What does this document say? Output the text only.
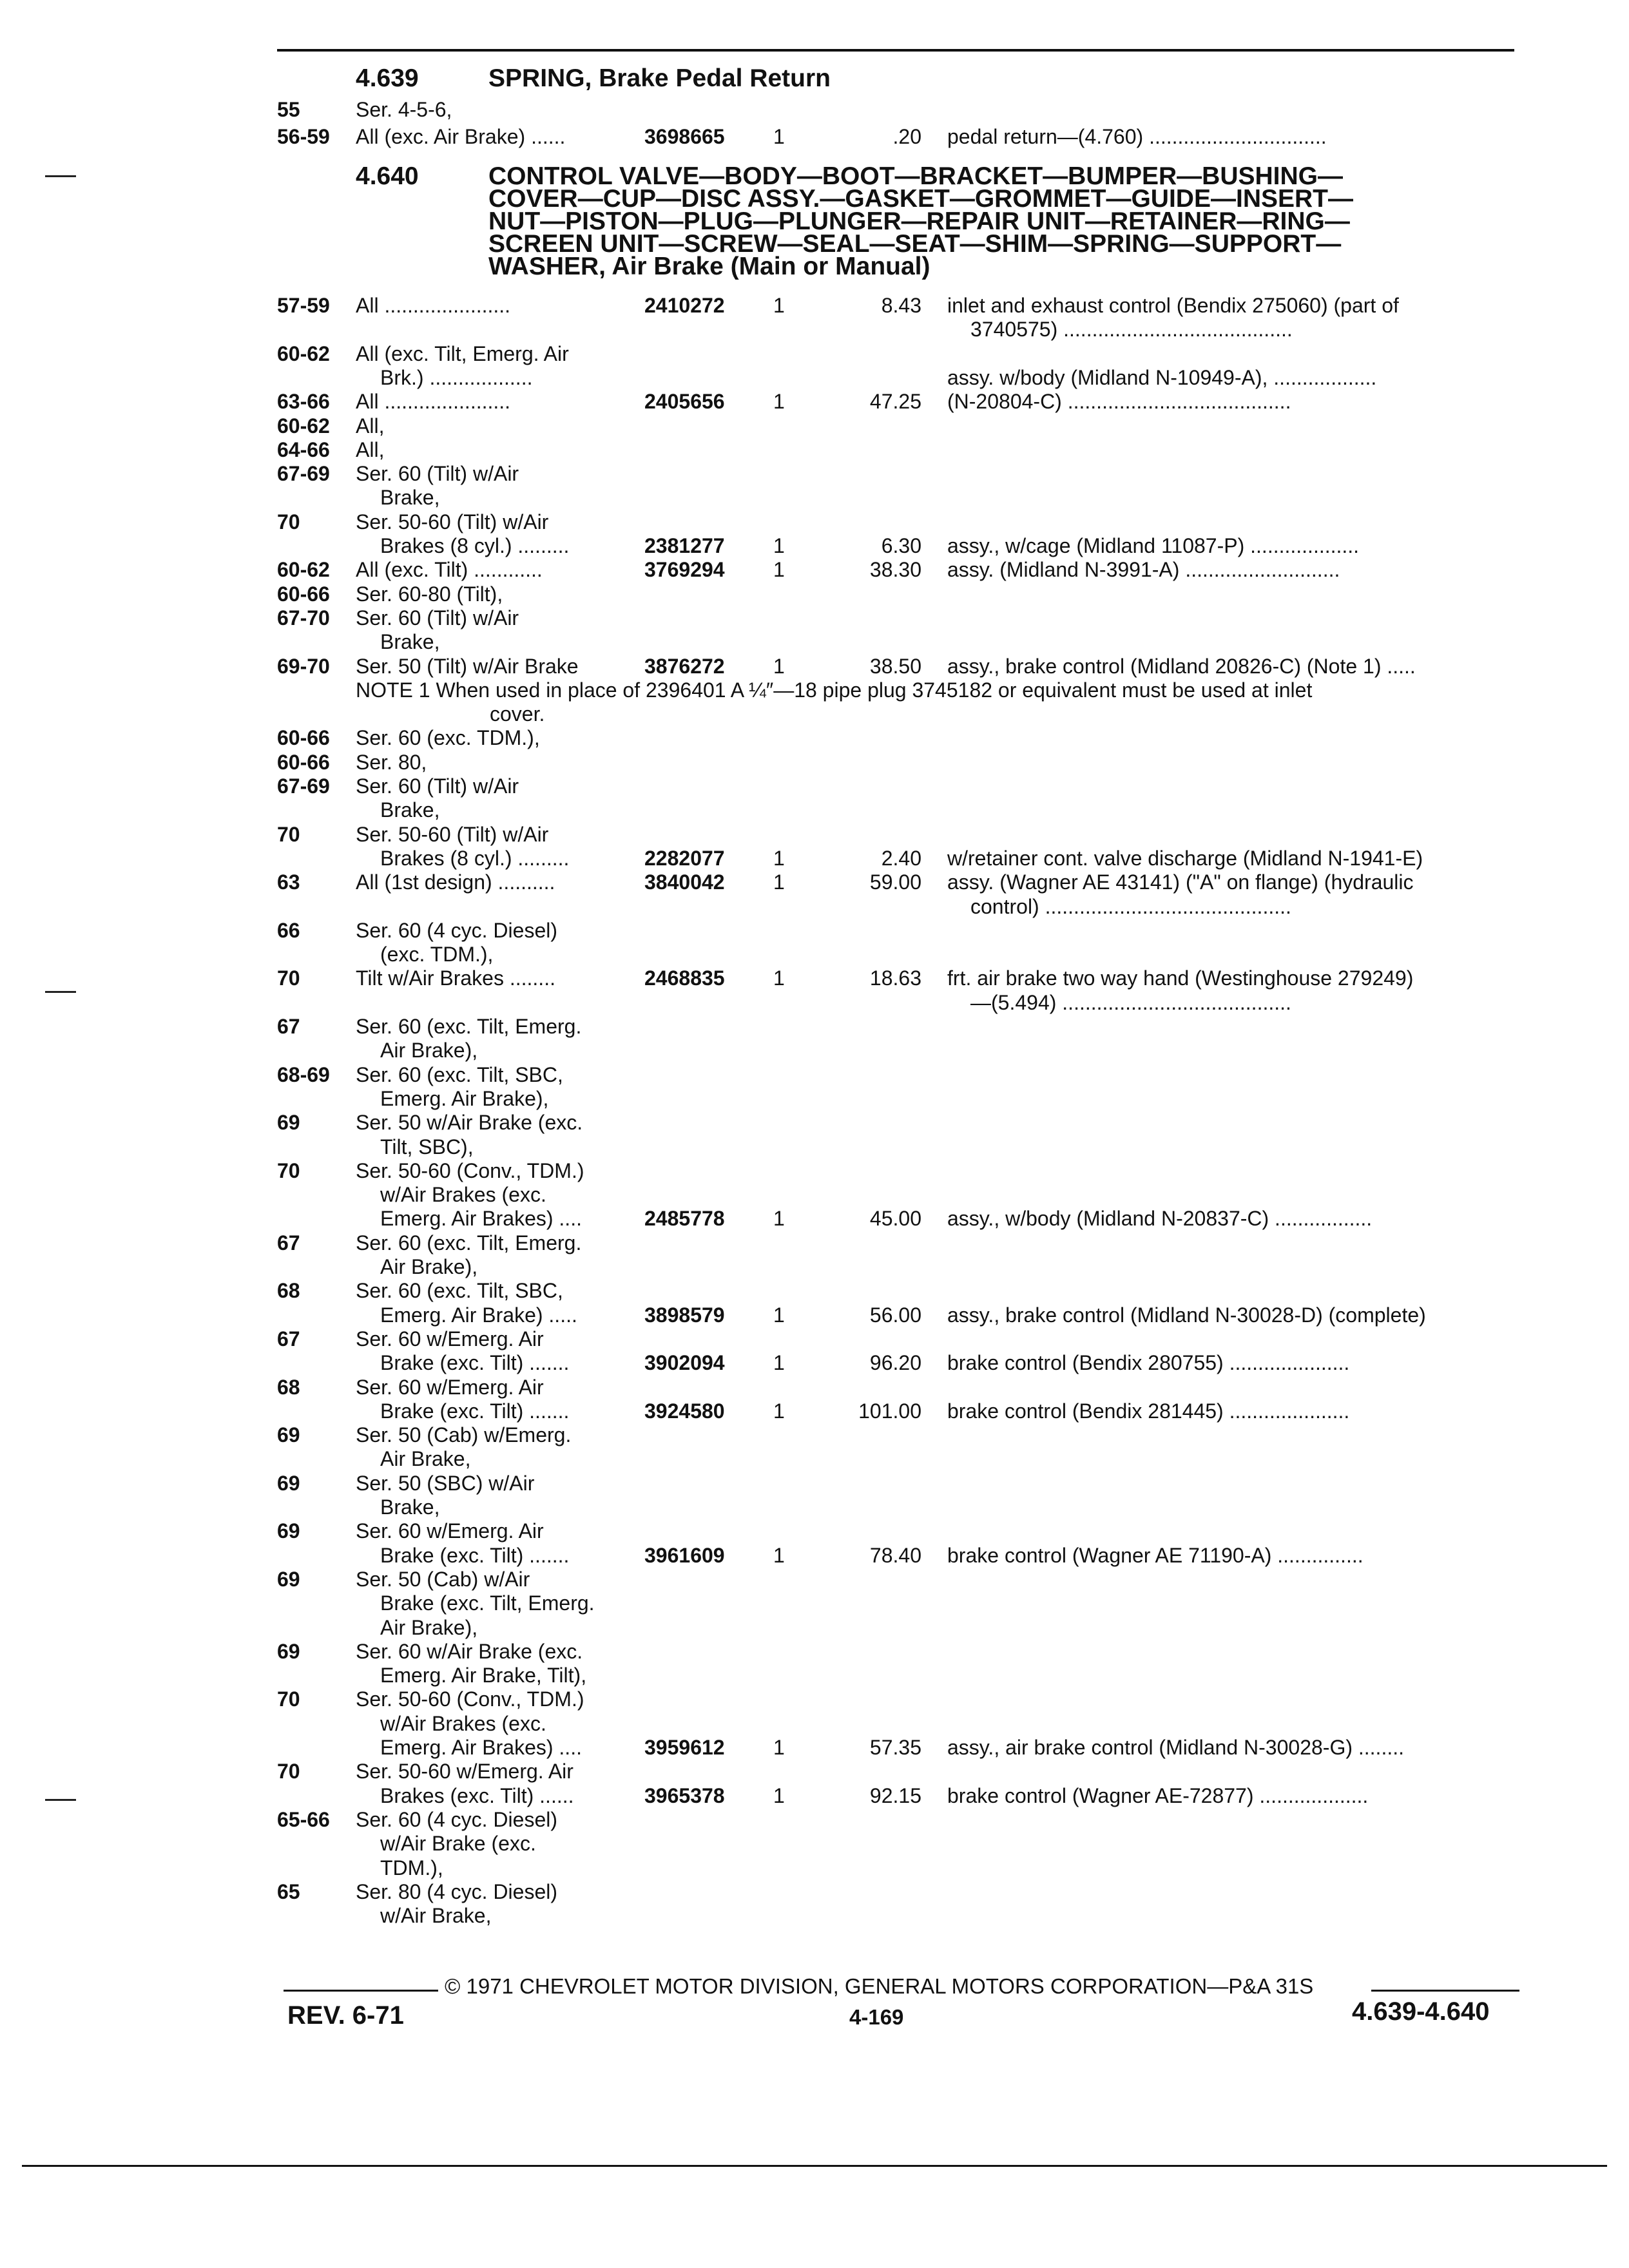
4.639	SPRING, Brake Pedal Return
55	Ser. 4-5-6,
56-59 All (exc. Air Brake) ......	3698665 1	.20 pedal return—(4.760) ...............................
4.640	CONTROL VALVE—BODY—BOOT—BRACKET—BUMPER—BUSHING—
COVER—CUP—DISC ASSY.—GASKET—GROMMET—GUIDE—INSERT—
NUT—PISTON—PLUG—PLUNGER—REPAIR UNIT—RETAINER—RING—
SCREEN UNIT—SCREW—SEAL—SEAT—SHIM—SPRING—SUPPORT—
WASHER, Air Brake (Main or Manual)
57-59 All ......................	2410272 1	8.43 inlet and exhaust control (Bendix 275060) (part of
3740575) ........................................
60-62 All (exc. Tilt, Emerg. Air
Brk.) ..................	assy. w/body (Midland N-10949-A), ..................
63-66 All ......................	2405656 1	47.25 (N-20804-C) .......................................
60-62 All,
64-66 All,
67-69 Ser. 60 (Tilt) w/Air
Brake,
70	Ser. 50-60 (Tilt) w/Air
Brakes (8 cyl.) .........	2381277 1	6.30 assy., w/cage (Midland 11087-P) ...................
60-62 All (exc. Tilt) ............	3769294 1	38.30 assy. (Midland N-3991-A) ...........................
60-66 Ser. 60-80 (Tilt),
67-70 Ser. 60 (Tilt) w/Air
Brake,
69-70 Ser. 50 (Tilt) w/Air Brake	3876272 1	38.50 assy., brake control (Midland 20826-C) (Note 1) .....
NOTE 1 When used in place of 2396401 A ¼″—18 pipe plug 3745182 or equivalent must be used at inlet
cover.
60-66 Ser. 60 (exc. TDM.),
60-66 Ser. 80,
67-69 Ser. 60 (Tilt) w/Air
Brake,
70	Ser. 50-60 (Tilt) w/Air
Brakes (8 cyl.) .........	2282077 1	2.40 w/retainer cont. valve discharge (Midland N-1941-E)
63	All (1st design) ..........	3840042 1	59.00 assy. (Wagner AE 43141) ("A" on flange) (hydraulic
control) ...........................................
66	Ser. 60 (4 cyc. Diesel)
(exc. TDM.),
70	Tilt w/Air Brakes ........	2468835 1	18.63 frt. air brake two way hand (Westinghouse 279249)
—(5.494) ........................................
67	Ser. 60 (exc. Tilt, Emerg.
Air Brake),
68-69 Ser. 60 (exc. Tilt, SBC,
Emerg. Air Brake),
69	Ser. 50 w/Air Brake (exc.
Tilt, SBC),
70	Ser. 50-60 (Conv., TDM.)
w/Air Brakes (exc.
Emerg. Air Brakes) ....	2485778 1	45.00 assy., w/body (Midland N-20837-C) .................
67	Ser. 60 (exc. Tilt, Emerg.
Air Brake),
68	Ser. 60 (exc. Tilt, SBC,
Emerg. Air Brake) .....	3898579 1	56.00 assy., brake control (Midland N-30028-D) (complete)
67	Ser. 60 w/Emerg. Air
Brake (exc. Tilt) .......	3902094 1	96.20 brake control (Bendix 280755) .....................
68	Ser. 60 w/Emerg. Air
Brake (exc. Tilt) .......	3924580 1	101.00 brake control (Bendix 281445) .....................
69	Ser. 50 (Cab) w/Emerg.
Air Brake,
69	Ser. 50 (SBC) w/Air
Brake,
69	Ser. 60 w/Emerg. Air
Brake (exc. Tilt) .......	3961609 1	78.40 brake control (Wagner AE 71190-A) ...............
69	Ser. 50 (Cab) w/Air
Brake (exc. Tilt, Emerg.
Air Brake),
69	Ser. 60 w/Air Brake (exc.
Emerg. Air Brake, Tilt),
70	Ser. 50-60 (Conv., TDM.)
w/Air Brakes (exc.
Emerg. Air Brakes) ....	3959612 1	57.35 assy., air brake control (Midland N-30028-G) ........
70	Ser. 50-60 w/Emerg. Air
Brakes (exc. Tilt) ......	3965378 1	92.15 brake control (Wagner AE-72877) ...................
65-66 Ser. 60 (4 cyc. Diesel)
w/Air Brake (exc.
TDM.),
65	Ser. 80 (4 cyc. Diesel)
w/Air Brake,
© 1971 CHEVROLET MOTOR DIVISION, GENERAL MOTORS CORPORATION—P&A 31S
REV. 6-71	4-169	4.639-4.640
